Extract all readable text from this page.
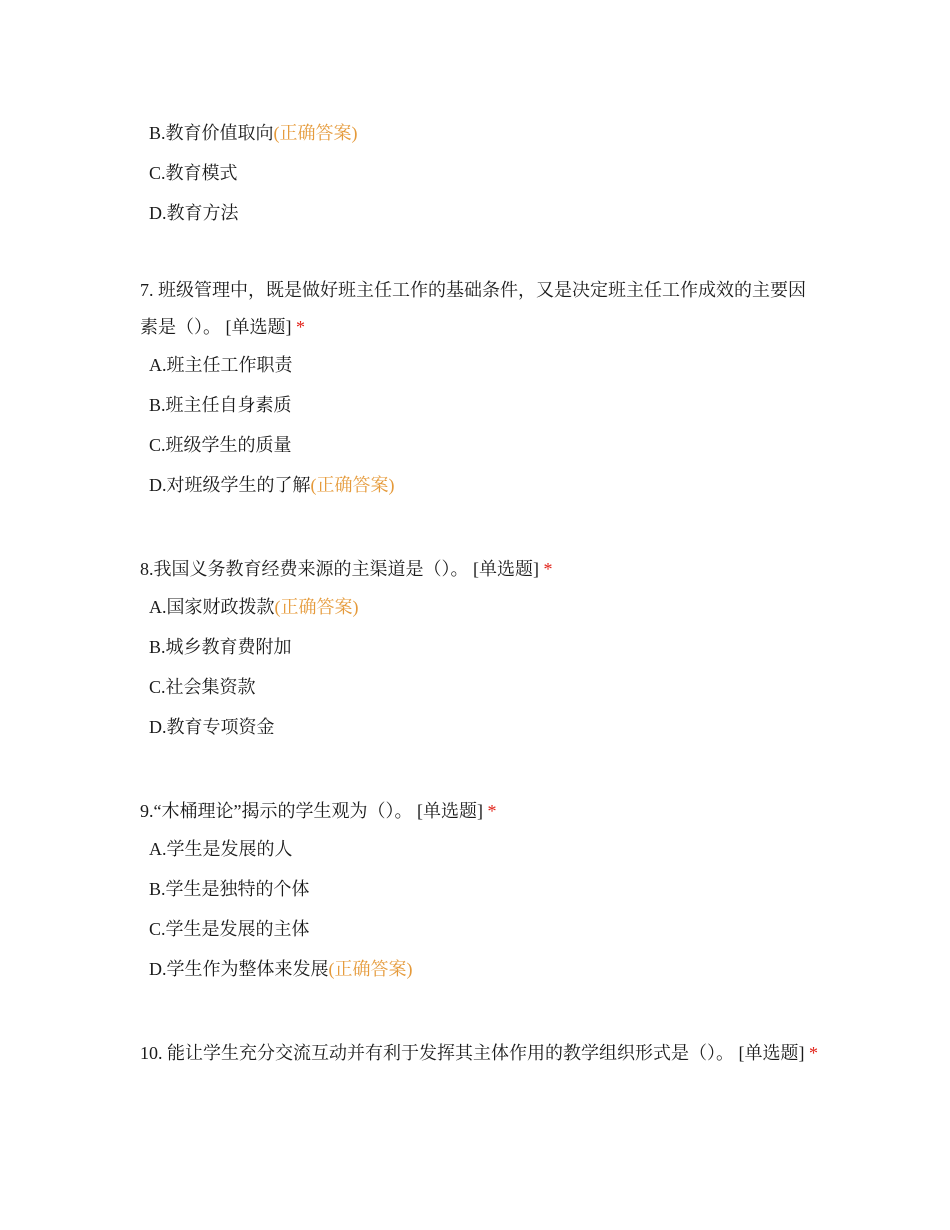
B.教育价值取向(正确答案)
C.教育模式
D.教育方法

7. 班级管理中，既是做好班主任工作的基础条件，又是决定班主任工作成效的主要因素是（）。 [单选题] *

A.班主任工作职责
B.班主任自身素质
C.班级学生的质量
D.对班级学生的了解(正确答案)

8.我国义务教育经费来源的主渠道是（）。 [单选题] *

A.国家财政拨款(正确答案)
B.城乡教育费附加
C.社会集资款
D.教育专项资金

9.“木桶理论”揭示的学生观为（）。 [单选题] *

A.学生是发展的人
B.学生是独特的个体
C.学生是发展的主体
D.学生作为整体来发展(正确答案)

10. 能让学生充分交流互动并有利于发挥其主体作用的教学组织形式是（）。 [单选题] *
